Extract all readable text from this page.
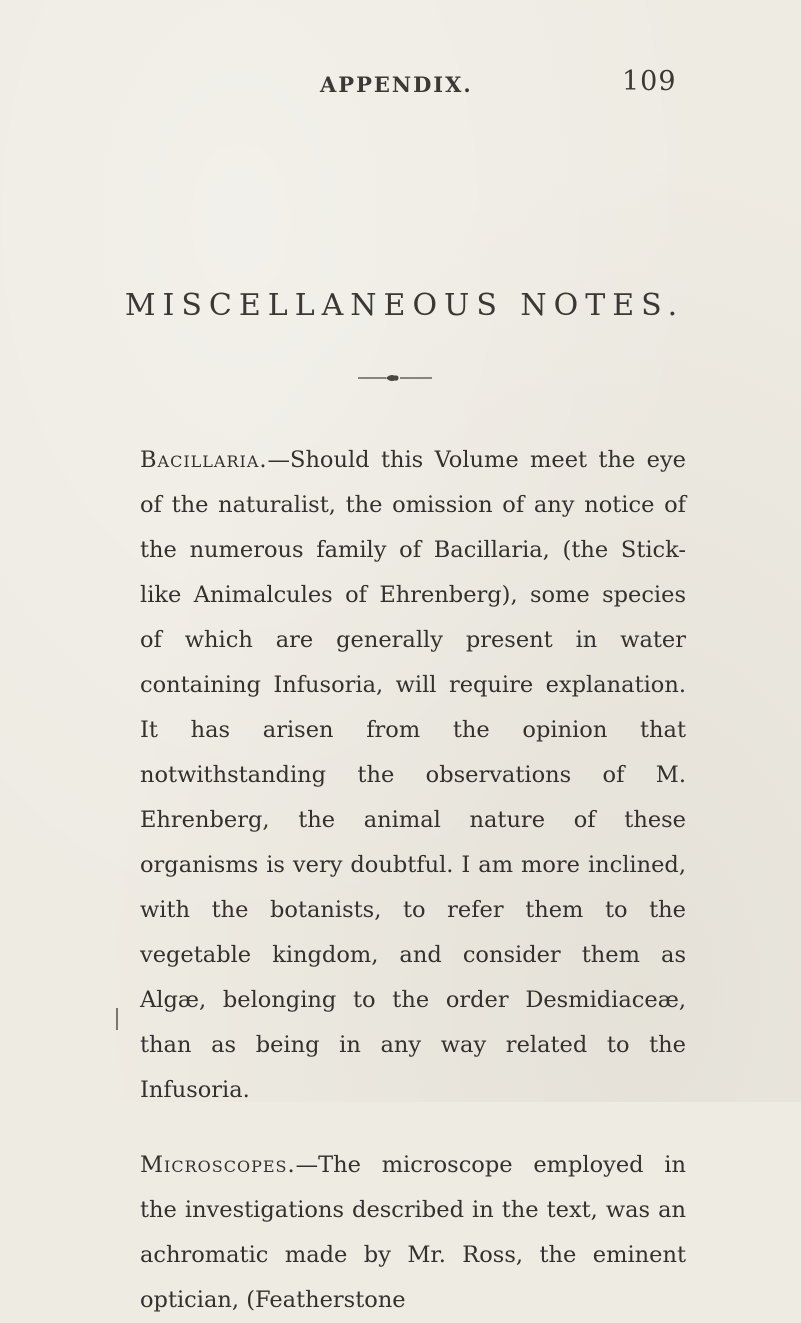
APPENDIX.	109
MISCELLANEOUS NOTES.

Bacillaria.—Should this Volume meet the eye of the naturalist, the omission of any notice of the numerous family of Bacillaria, (the Stick-like Animalcules of Ehrenberg), some species of which are generally present in water containing Infusoria, will require explanation. It has arisen from the opinion that notwithstanding the observations of M. Ehrenberg, the animal nature of these organisms is very doubtful. I am more inclined, with the botanists, to refer them to the vegetable kingdom, and consider them as Algæ, belonging to the order Desmidiaceæ, than as being in any way related to the Infusoria.

Microscopes.—The microscope employed in the investigations described in the text, was an achromatic made by Mr. Ross, the eminent optician, (Featherstone
